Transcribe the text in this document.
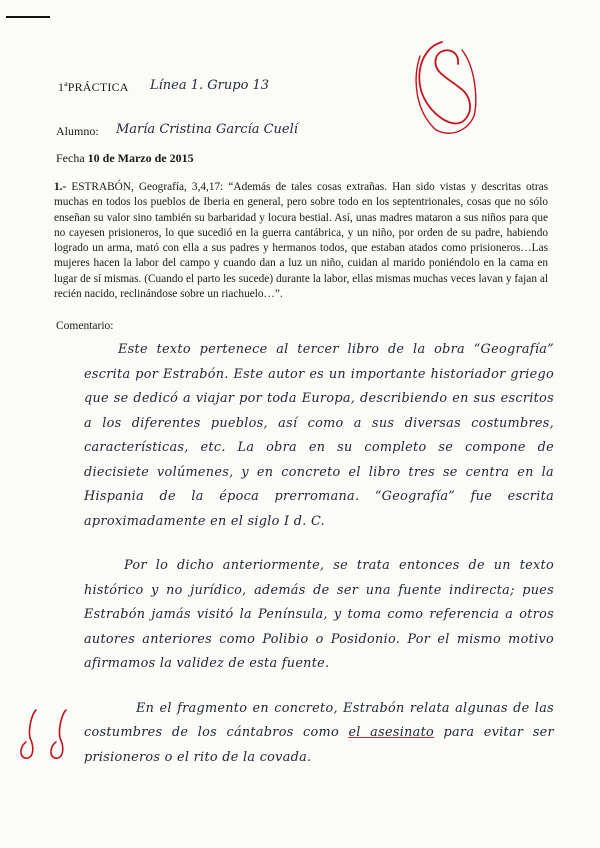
1ªPRÁCTICA Línea 1. Grupo 13
Alumno: María Cristina García Cuelí
Fecha 10 de Marzo de 2015

1.- ESTRABÓN, Geografía, 3,4,17: “Además de tales cosas extrañas. Han sido vistas y descritas otras muchas en todos los pueblos de Iberia en general, pero sobre todo en los septentrionales, cosas que no sólo enseñan su valor sino también su barbaridad y locura bestial. Así, unas madres mataron a sus niños para que no cayesen prisioneros, lo que sucedió en la guerra cantábrica, y un niño, por orden de su padre, habiendo logrado un arma, mató con ella a sus padres y hermanos todos, que estaban atados como prisioneros…Las mujeres hacen la labor del campo y cuando dan a luz un niño, cuidan al marido poniéndolo en la cama en lugar de sí mismas. (Cuando el parto les sucede) durante la labor, ellas mismas muchas veces lavan y fajan al recién nacido, reclinándose sobre un riachuelo…”.

Comentario:

Este texto pertenece al tercer libro de la obra “Geografía” escrita por Estrabón. Este autor es un importante historiador griego que se dedicó a viajar por toda Europa, describiendo en sus escritos a los diferentes pueblos, así como a sus diversas costumbres, características, etc. La obra en su completo se compone de diecisiete volúmenes, y en concreto el libro tres se centra en la Hispania de la época prerromana. “Geografía” fue escrita aproximadamente en el siglo I d. C.

Por lo dicho anteriormente, se trata entonces de un texto histórico y no jurídico, además de ser una fuente indirecta; pues Estrabón jamás visitó la Península, y toma como referencia a otros autores anteriores como Polibio o Posidonio. Por el mismo motivo afirmamos la validez de esta fuente.

En el fragmento en concreto, Estrabón relata algunas de las costumbres de los cántabros como el asesinato para evitar ser prisioneros o el rito de la covada.
